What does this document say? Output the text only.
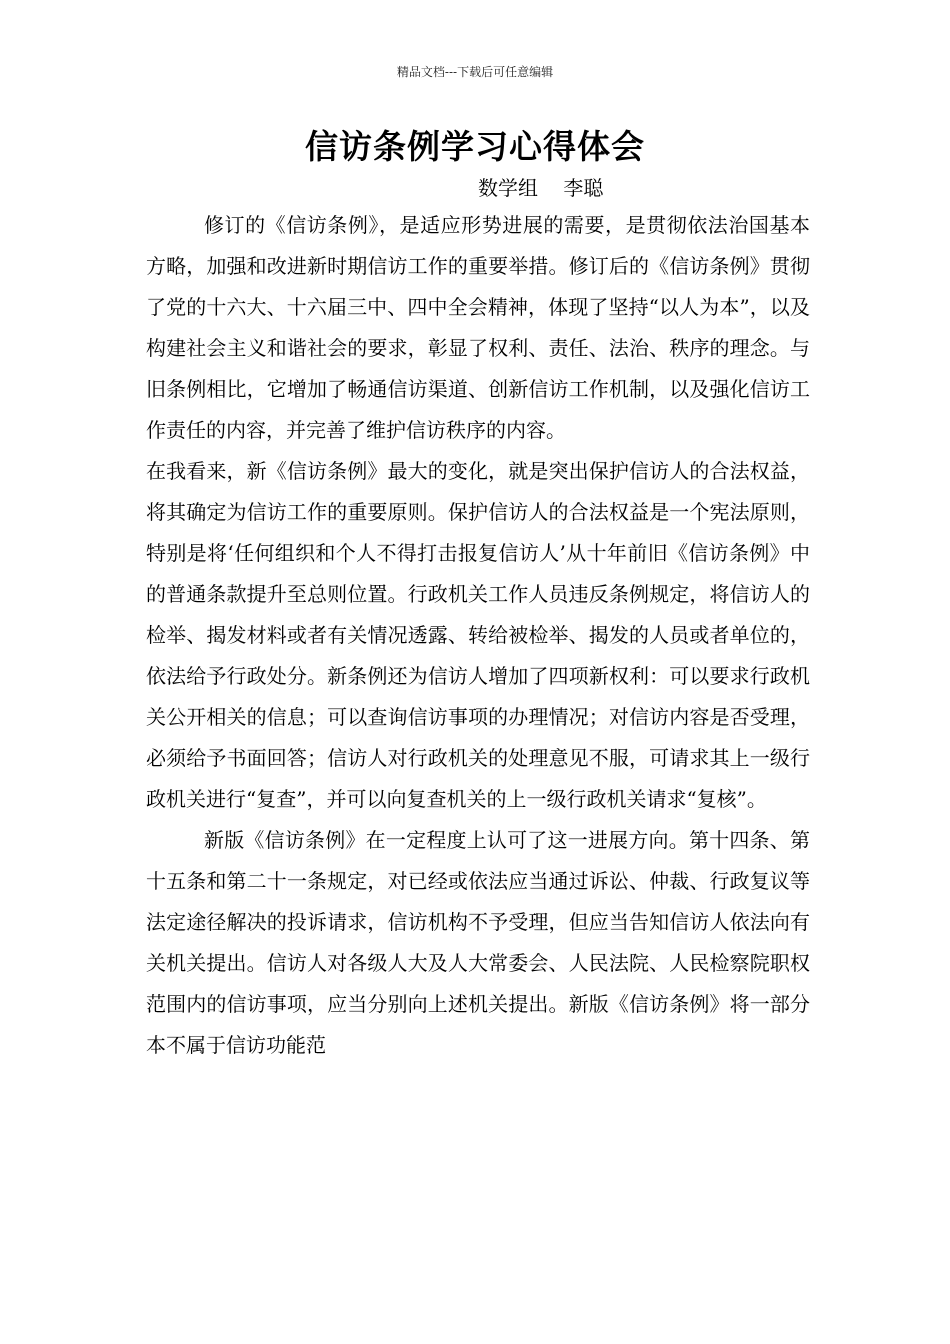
精品文档---下载后可任意编辑
信访条例学习心得体会
数学组    李聪

修订的《信访条例》，是适应形势进展的需要，是贯彻依法治国基本方略，加强和改进新时期信访工作的重要举措。修订后的《信访条例》贯彻了党的十六大、十六届三中、四中全会精神，体现了坚持“以人为本”，以及构建社会主义和谐社会的要求，彰显了权利、责任、法治、秩序的理念。与旧条例相比，它增加了畅通信访渠道、创新信访工作机制，以及强化信访工作责任的内容，并完善了维护信访秩序的内容。

在我看来，新《信访条例》最大的变化，就是突出保护信访人的合法权益，将其确定为信访工作的重要原则。保护信访人的合法权益是一个宪法原则，特别是将‘任何组织和个人不得打击报复信访人’从十年前旧《信访条例》中的普通条款提升至总则位置。行政机关工作人员违反条例规定，将信访人的检举、揭发材料或者有关情况透露、转给被检举、揭发的人员或者单位的，依法给予行政处分。新条例还为信访人增加了四项新权利：可以要求行政机关公开相关的信息；可以查询信访事项的办理情况；对信访内容是否受理，必须给予书面回答；信访人对行政机关的处理意见不服，可请求其上一级行政机关进行“复查”，并可以向复查机关的上一级行政机关请求“复核”。

新版《信访条例》在一定程度上认可了这一进展方向。第十四条、第十五条和第二十一条规定，对已经或依法应当通过诉讼、仲裁、行政复议等法定途径解决的投诉请求，信访机构不予受理，但应当告知信访人依法向有关机关提出。信访人对各级人大及人大常委会、人民法院、人民检察院职权范围内的信访事项，应当分别向上述机关提出。新版《信访条例》将一部分本不属于信访功能范
